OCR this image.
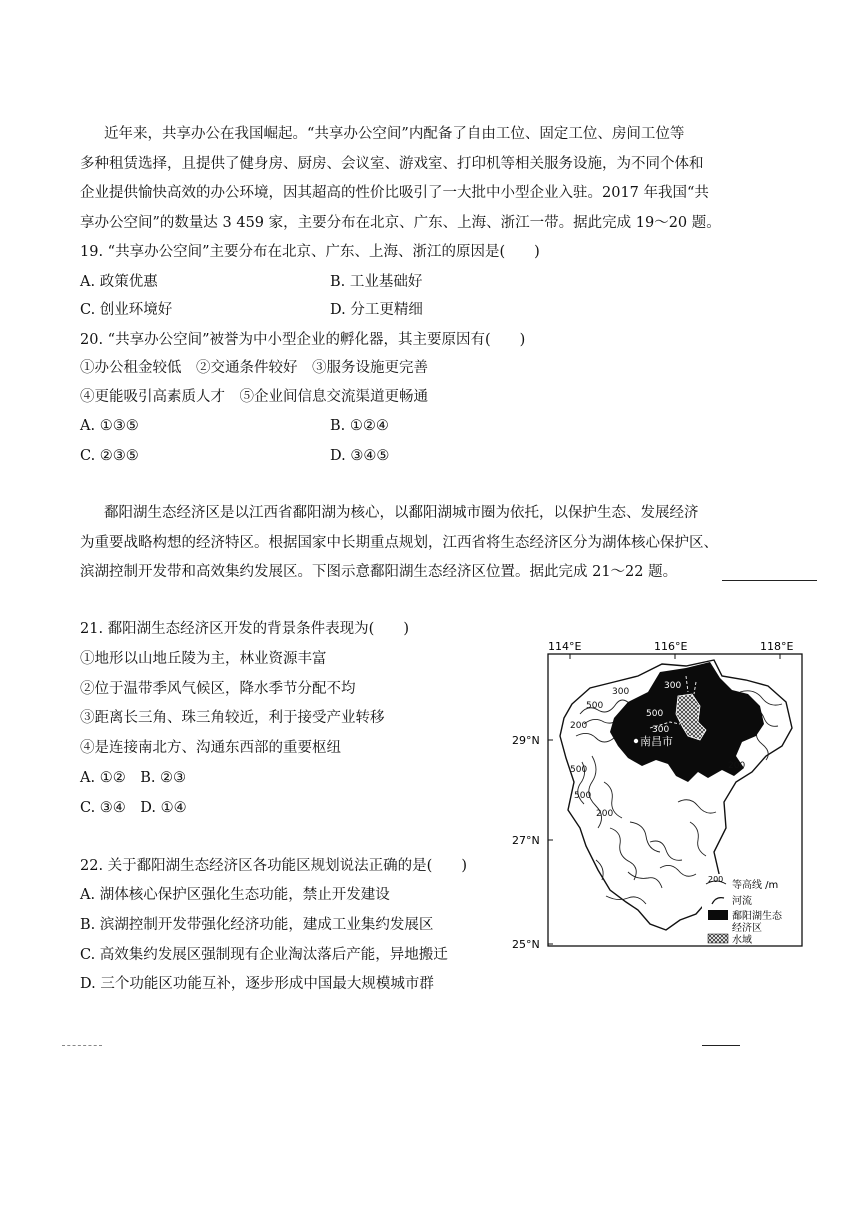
近年来，共享办公在我国崛起。“共享办公空间”内配备了自由工位、固定工位、房间工位等
多种租赁选择，且提供了健身房、厨房、会议室、游戏室、打印机等相关服务设施，为不同个体和
企业提供愉快高效的办公环境，因其超高的性价比吸引了一大批中小型企业入驻。2017 年我国“共
享办公空间”的数量达 3 459 家，主要分布在北京、广东、上海、浙江一带。据此完成 19～20 题。
19. “共享办公空间”主要分布在北京、广东、上海、浙江的原因是(　　)
A. 政策优惠	B. 工业基础好
C. 创业环境好	D. 分工更精细
20. “共享办公空间”被誉为中小型企业的孵化器，其主要原因有(　　)
①办公租金较低　②交通条件较好　③服务设施更完善
④更能吸引高素质人才　⑤企业间信息交流渠道更畅通
A. ①③⑤	B. ①②④
C. ②③⑤	D. ③④⑤
鄱阳湖生态经济区是以江西省鄱阳湖为核心，以鄱阳湖城市圈为依托，以保护生态、发展经济
为重要战略构想的经济特区。根据国家中长期重点规划，江西省将生态经济区分为湖体核心保护区、
滨湖控制开发带和高效集约发展区。下图示意鄱阳湖生态经济区位置。据此完成 21～22 题。
21. 鄱阳湖生态经济区开发的背景条件表现为(　　)
①地形以山地丘陵为主，林业资源丰富
②位于温带季风气候区，降水季节分配不均
③距离长三角、珠三角较近，利于接受产业转移
④是连接南北方、沟通东西部的重要枢纽
A. ①②　B. ②③
C. ③④　D. ①④
22. 关于鄱阳湖生态经济区各功能区规划说法正确的是(　　)
A. 湖体核心保护区强化生态功能，禁止开发建设
B. 滨湖控制开发带强化经济功能，建成工业集约发展区
C. 高效集约发展区强制现有企业淘汰落后产能，异地搬迁
D. 三个功能区功能互补，逐步形成中国最大规模城市群
114°E	116°E	118°E
29°N
27°N
25°N
南昌市
300
500
200
500
500
200
300
500
300
200
200
等高线 /m
河流
鄱阳湖生态
经济区
水域
